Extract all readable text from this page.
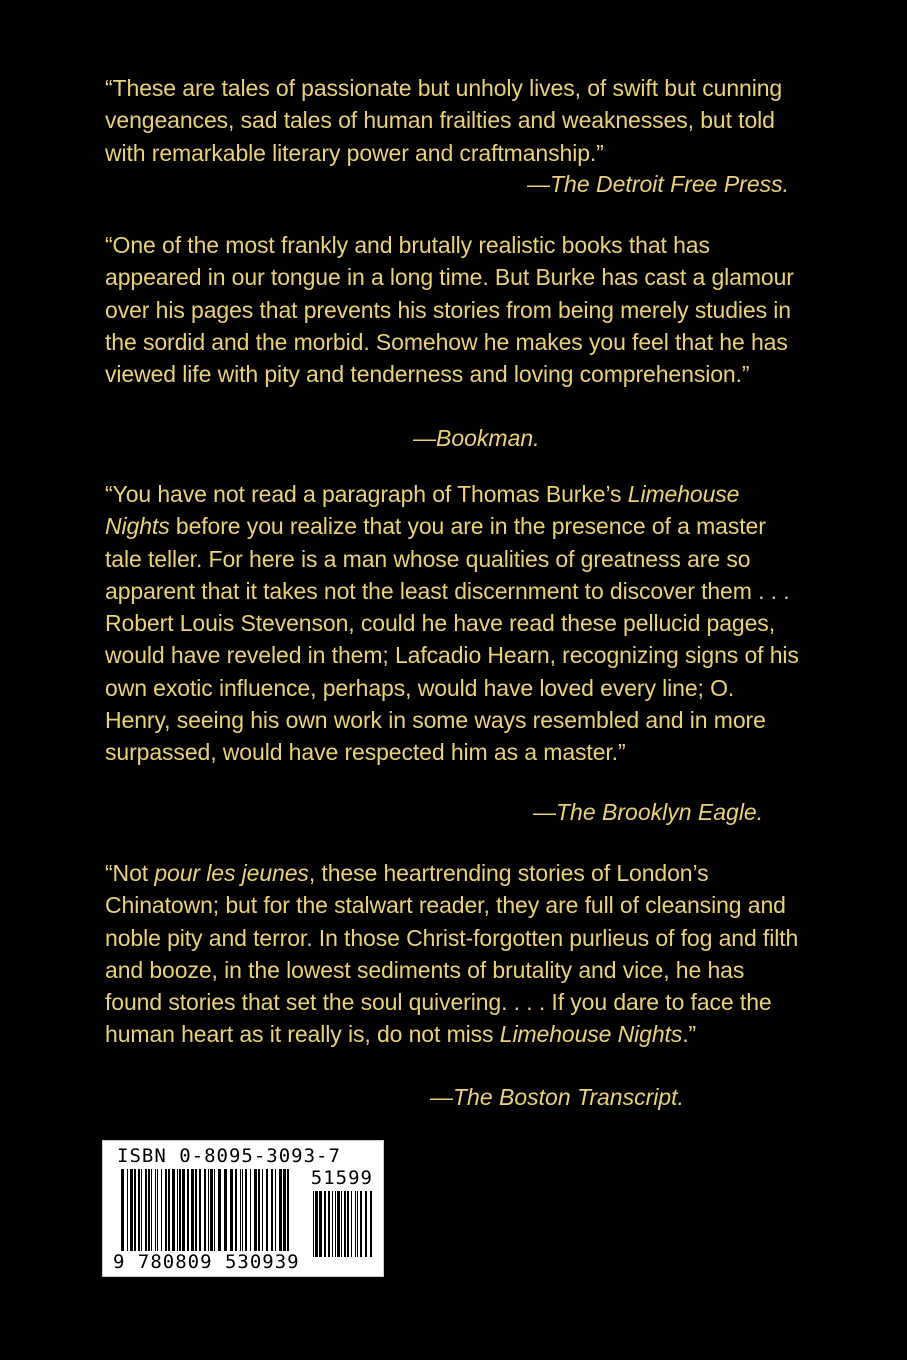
“These are tales of passionate but unholy lives, of swift but cunning vengeances, sad tales of human frailties and weaknesses, but told with remarkable literary power and craftmanship.”

—The Detroit Free Press.

“One of the most frankly and brutally realistic books that has appeared in our tongue in a long time. But Burke has cast a glamour over his pages that prevents his stories from being merely studies in the sordid and the morbid. Somehow he makes you feel that he has viewed life with pity and tenderness and loving comprehension.”

—Bookman.

“You have not read a paragraph of Thomas Burke’s Limehouse Nights before you realize that you are in the presence of a master tale teller. For here is a man whose qualities of greatness are so apparent that it takes not the least discernment to discover them . . . Robert Louis Stevenson, could he have read these pellucid pages, would have reveled in them; Lafcadio Hearn, recognizing signs of his own exotic influence, perhaps, would have loved every line; O. Henry, seeing his own work in some ways resembled and in more surpassed, would have respected him as a master.”

—The Brooklyn Eagle.

“Not pour les jeunes, these heartrending stories of London’s Chinatown; but for the stalwart reader, they are full of cleansing and noble pity and terror. In those Christ-forgotten purlieus of fog and filth and booze, in the lowest sediments of brutality and vice, he has found stories that set the soul quivering. . . . If you dare to face the human heart as it really is, do not miss Limehouse Nights.”

—The Boston Transcript.
ISBN 0-8095-3093-7
51599
9 780809 530939
